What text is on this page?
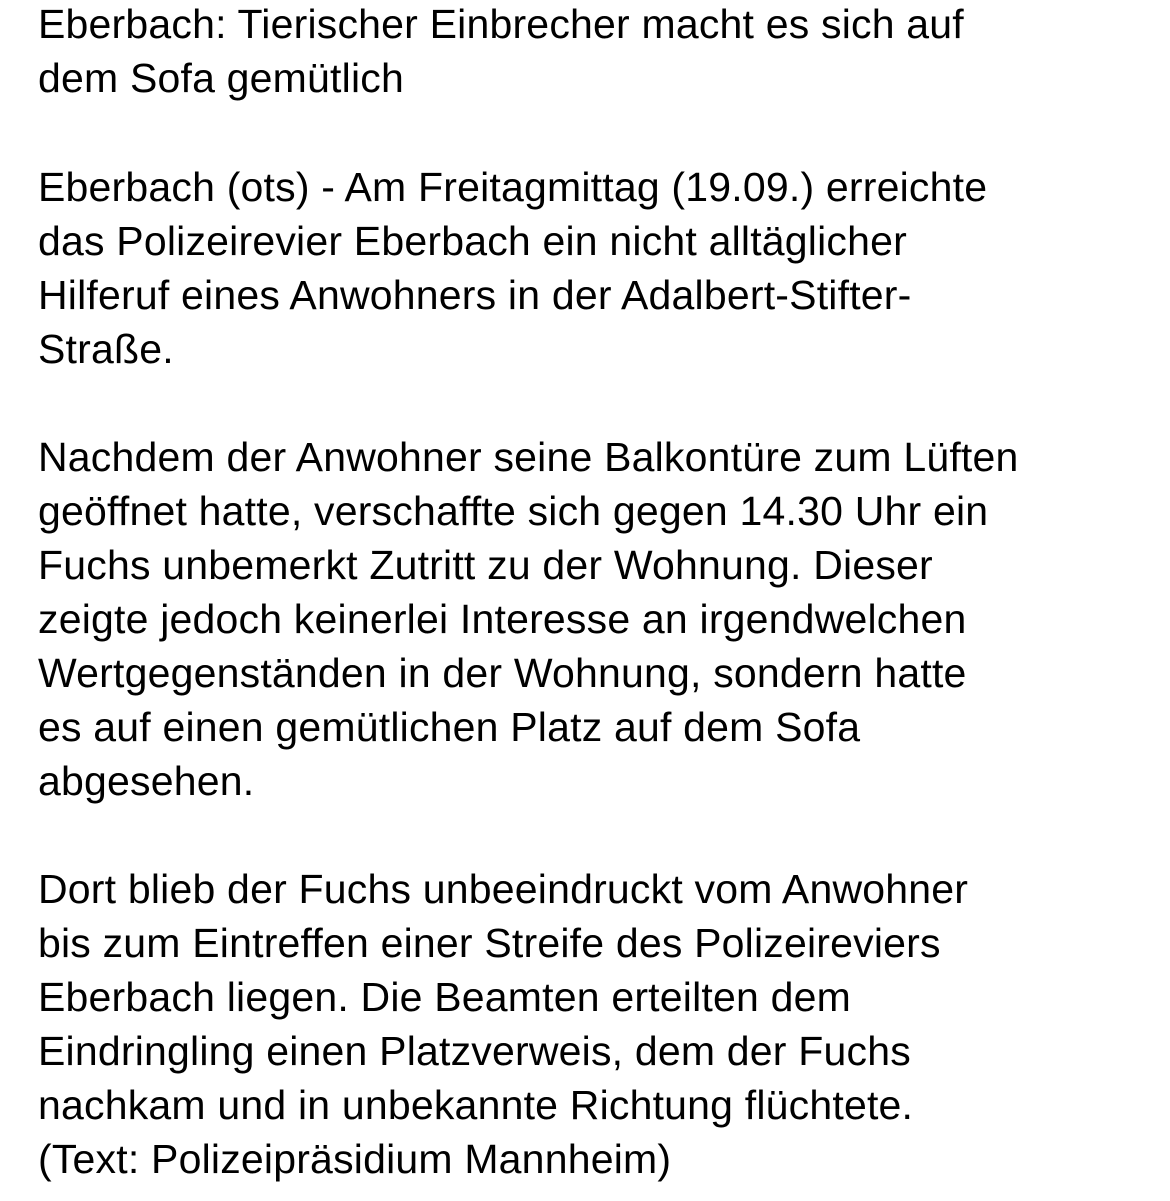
Eberbach: Tierischer Einbrecher macht es sich auf
dem Sofa gemütlich

Eberbach (ots) - Am Freitagmittag (19.09.) erreichte
das Polizeirevier Eberbach ein nicht alltäglicher
Hilferuf eines Anwohners in der Adalbert-Stifter-
Straße.

Nachdem der Anwohner seine Balkontüre zum Lüften
geöffnet hatte, verschaffte sich gegen 14.30 Uhr ein
Fuchs unbemerkt Zutritt zu der Wohnung. Dieser
zeigte jedoch keinerlei Interesse an irgendwelchen
Wertgegenständen in der Wohnung, sondern hatte
es auf einen gemütlichen Platz auf dem Sofa
abgesehen.

Dort blieb der Fuchs unbeeindruckt vom Anwohner
bis zum Eintreffen einer Streife des Polizeireviers
Eberbach liegen. Die Beamten erteilten dem
Eindringling einen Platzverweis, dem der Fuchs
nachkam und in unbekannte Richtung flüchtete.
(Text: Polizeipräsidium Mannheim)
